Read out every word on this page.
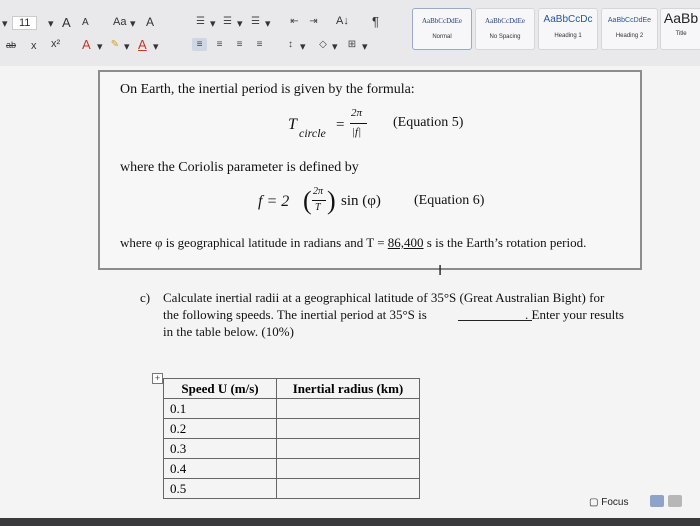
▾	11	▾ A A Aa ▾ A	☰ ▾ ☰ ▾ ☰ ▾	⇤	⇥	A↓ ¶
ab x x² A ▾ ✎ ▾ A ▾	≡	≡	≡	≡	↕ ▾	◇ ▾ ⊞ ▾
AaBbCcDdEe
Normal
AaBbCcDdEe
No Spacing
AaBbCcDc
Heading 1
AaBbCcDdEe
Heading 2
AaBb
Title
On Earth, the inertial period is given by the formula:
T circle =
2π
|f|
(Equation 5)
where the Coriolis parameter is defined by
f = 2 ( 2π
T ) sin (φ) (Equation 6)
where φ is geographical latitude in radians and T = 86,400 s is the Earth’s rotation period.
I
c) Calculate inertial radii at a geographical latitude of 35°S (Great Australian Bight) for
the following speeds. The inertial period at 35°S is	. Enter your results
in the table below. (10%)
+
Speed U (m/s)	Inertial radius (km)
0.1	
0.2	
0.3	
0.4	
0.5	
▢ Focus
